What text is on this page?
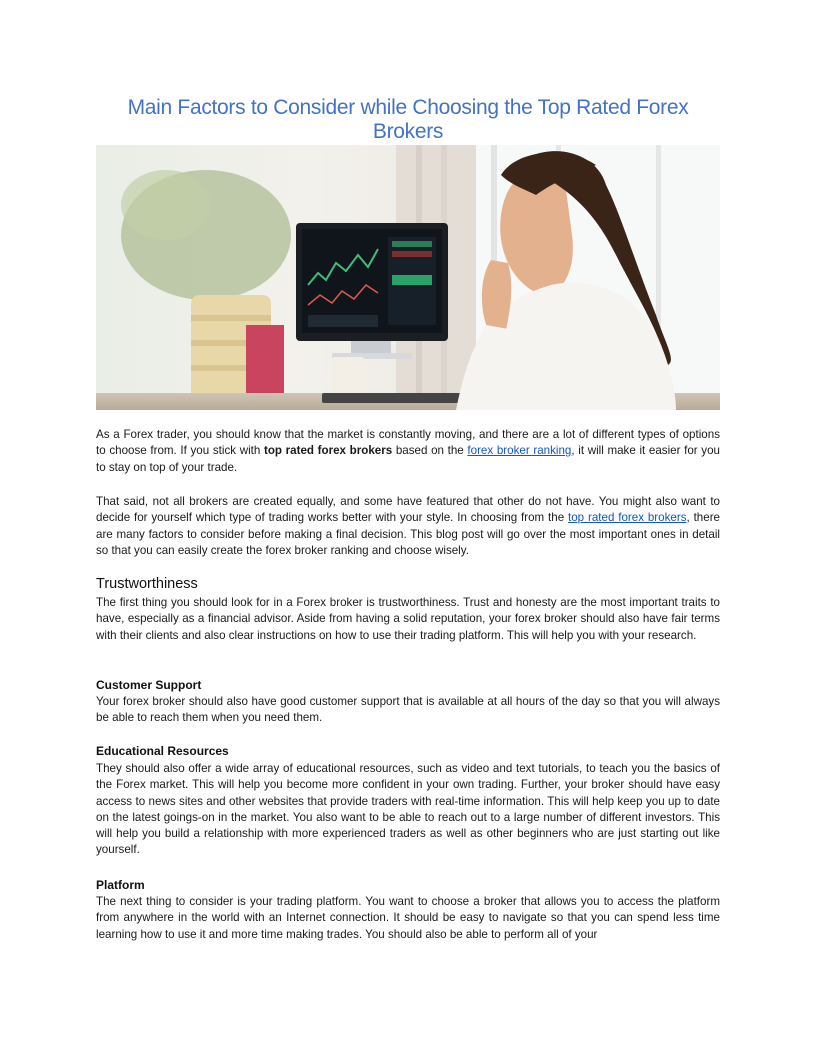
Main Factors to Consider while Choosing the Top Rated Forex Brokers

As a Forex trader, you should know that the market is constantly moving, and there are a lot of different types of options to choose from. If you stick with top rated forex brokers based on the forex broker ranking, it will make it easier for you to stay on top of your trade.

That said, not all brokers are created equally, and some have featured that other do not have. You might also want to decide for yourself which type of trading works better with your style. In choosing from the top rated forex brokers, there are many factors to consider before making a final decision. This blog post will go over the most important ones in detail so that you can easily create the forex broker ranking and choose wisely.

Trustworthiness

The first thing you should look for in a Forex broker is trustworthiness. Trust and honesty are the most important traits to have, especially as a financial advisor. Aside from having a solid reputation, your forex broker should also have fair terms with their clients and also clear instructions on how to use their trading platform. This will help you with your research.

Customer Support

Your forex broker should also have good customer support that is available at all hours of the day so that you will always be able to reach them when you need them.

Educational Resources

They should also offer a wide array of educational resources, such as video and text tutorials, to teach you the basics of the Forex market. This will help you become more confident in your own trading. Further, your broker should have easy access to news sites and other websites that provide traders with real-time information. This will help keep you up to date on the latest goings-on in the market. You also want to be able to reach out to a large number of different investors. This will help you build a relationship with more experienced traders as well as other beginners who are just starting out like yourself.

Platform

The next thing to consider is your trading platform. You want to choose a broker that allows you to access the platform from anywhere in the world with an Internet connection. It should be easy to navigate so that you can spend less time learning how to use it and more time making trades. You should also be able to perform all of your
